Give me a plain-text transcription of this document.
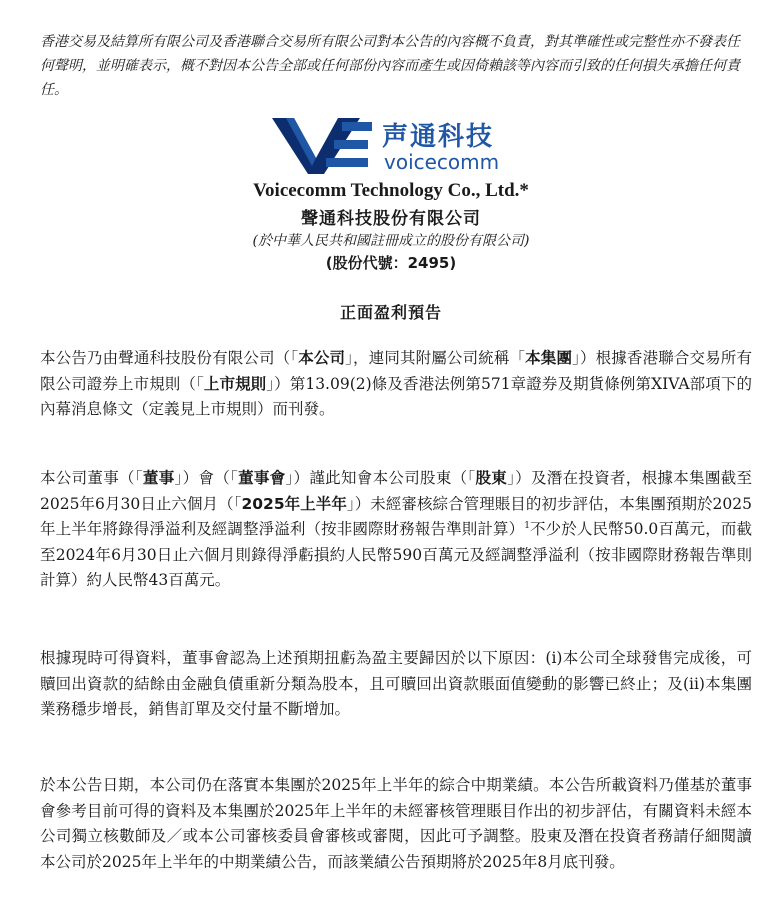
香港交易及結算所有限公司及香港聯合交易所有限公司對本公告的內容概不負責，對其準確性或完整性亦不發表任何聲明，並明確表示，概不對因本公告全部或任何部份內容而產生或因倚賴該等內容而引致的任何損失承擔任何責任。

声通科技
voicecomm

Voicecomm Technology Co., Ltd.*

聲通科技股份有限公司

(於中華人民共和國註冊成立的股份有限公司)

(股份代號：2495)

正面盈利預告

本公告乃由聲通科技股份有限公司（「本公司」，連同其附屬公司統稱「本集團」）根據香港聯合交易所有限公司證券上市規則（「上市規則」）第13.09(2)條及香港法例第571章證券及期貨條例第XIVA部項下的內幕消息條文（定義見上市規則）而刊發。

本公司董事（「董事」）會（「董事會」）謹此知會本公司股東（「股東」）及潛在投資者，根據本集團截至2025年6月30日止六個月（「2025年上半年」）未經審核綜合管理賬目的初步評估，本集團預期於2025年上半年將錄得淨溢利及經調整淨溢利（按非國際財務報告準則計算）$^1$不少於人民幣50.0百萬元，而截至2024年6月30日止六個月則錄得淨虧損約人民幣590百萬元及經調整淨溢利（按非國際財務報告準則計算）約人民幣43百萬元。

根據現時可得資料，董事會認為上述預期扭虧為盈主要歸因於以下原因：(i)本公司全球發售完成後，可贖回出資款的結餘由金融負債重新分類為股本，且可贖回出資款賬面值變動的影響已終止；及(ii)本集團業務穩步增長，銷售訂單及交付量不斷增加。

於本公告日期，本公司仍在落實本集團於2025年上半年的綜合中期業績。本公告所載資料乃僅基於董事會參考目前可得的資料及本集團於2025年上半年的未經審核管理賬目作出的初步評估，有關資料未經本公司獨立核數師及／或本公司審核委員會審核或審閱，因此可予調整。股東及潛在投資者務請仔細閱讀本公司於2025年上半年的中期業績公告，而該業績公告預期將於2025年8月底刊發。
